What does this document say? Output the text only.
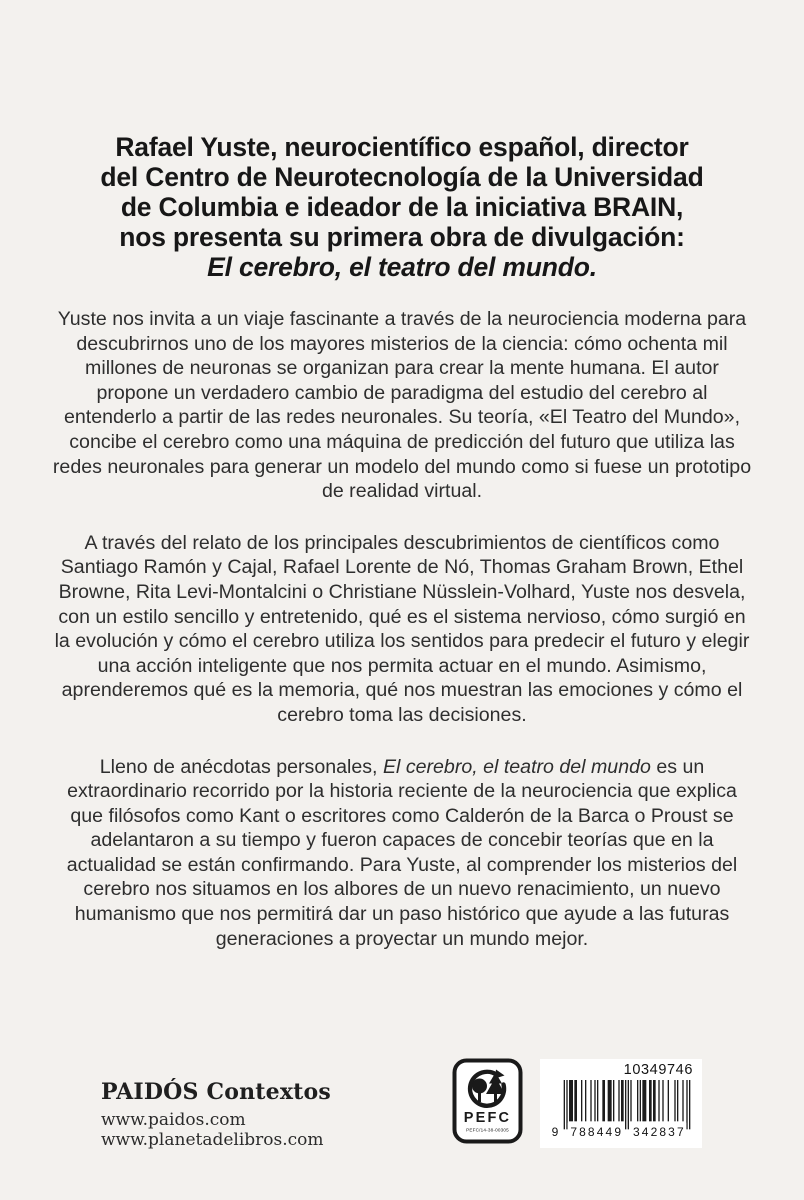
Rafael Yuste, neurocientífico español, director
del Centro de Neurotecnología de la Universidad
de Columbia e ideador de la iniciativa BRAIN,
nos presenta su primera obra de divulgación:
El cerebro, el teatro del mundo.

Yuste nos invita a un viaje fascinante a través de la neurociencia moderna para descubrirnos uno de los mayores misterios de la ciencia: cómo ochenta mil millones de neuronas se organizan para crear la mente humana. El autor propone un verdadero cambio de paradigma del estudio del cerebro al entenderlo a partir de las redes neuronales. Su teoría, «El Teatro del Mundo», concibe el cerebro como una máquina de predicción del futuro que utiliza las redes neuronales para generar un modelo del mundo como si fuese un prototipo de realidad virtual.

A través del relato de los principales descubrimientos de científicos como Santiago Ramón y Cajal, Rafael Lorente de Nó, Thomas Graham Brown, Ethel Browne, Rita Levi-Montalcini o Christiane Nüsslein-Volhard, Yuste nos desvela, con un estilo sencillo y entretenido, qué es el sistema nervioso, cómo surgió en la evolución y cómo el cerebro utiliza los sentidos para predecir el futuro y elegir una acción inteligente que nos permita actuar en el mundo. Asimismo, aprenderemos qué es la memoria, qué nos muestran las emociones y cómo el cerebro toma las decisiones.

Lleno de anécdotas personales, El cerebro, el teatro del mundo es un extraordinario recorrido por la historia reciente de la neurociencia que explica que filósofos como Kant o escritores como Calderón de la Barca o Proust se adelantaron a su tiempo y fueron capaces de concebir teorías que en la actualidad se están confirmando. Para Yuste, al comprender los misterios del cerebro nos situamos en los albores de un nuevo renacimiento, un nuevo humanismo que nos permitirá dar un paso histórico que ayude a las futuras generaciones a proyectar un mundo mejor.

PAIDÓS Contextos
www.paidos.com
www.planetadelibros.com
PEFC
PEFC/14-38-00305
10349746
9 788449 342837
